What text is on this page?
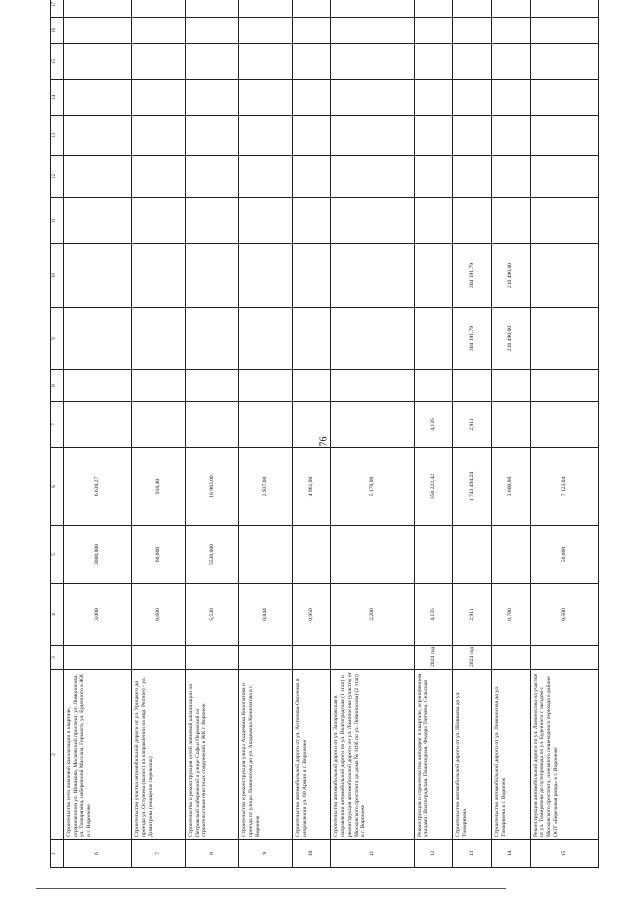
76
1	2	3	4	5	6	7	8	9	10	11	12	13	14	15	16	17
6	Строительство сети ливневой канализации в квартале, ограниченном ул. Шишкова, Московский проспект, ул. Ломоносова, ул. Тимирязева, набережной Массана, Горького, ул. Буденного в ЖК и г. Воронеже		3,000	3000,000	6 639,27											
7	Строительство участка автомобильной дороги от ул. Урицкого до проезда ул. Остужева (вынос) на направлении на мкр. Репное) - ул. Димитрова (очищение перевозок)		0,600	60,000	918,40											
8	Строительство и реконструкция сетей ливневой канализации по Петровской набережной и улице Софьи Перовской со строительством очистных сооружений в ЖК г. Воронеж		5,530	5530,000	16 983,00											
9	Строительство и реконструкция улицы Академика Конопатова и проезда от улицы Ломоносова до ул. Академика Конопатова в г. Воронеж		0,844		2 937,00											
10	Строительство автомобильной дороги от ул. Антонова-Овсеенко в направлении ул. 60 Армии в г. Воронеже		0,950		4 961,00											
11	Строительство автомобильной дороги от ул. Запорожская в направлении автомобильной дороги по ул. Волгоградская (1 этап) и реконструкция автомобильной дороги по ул. Ломоносова (участок от Московского проспекта до дома № 116б по ул. Ломоносова) (2 этап) в г. Воронеже		2,200		5 170,00											
12	Реконструкция и строительство автодорог в квартале, ограниченном улицами: Волгоградская, Пешеходная, Федора Тютчева, Сельская	2024 год	4,135		350 222,42	4,135										
13	Строительство автомобильной дороги от ул. Шишкова до ул. Тимирязева	2024 год	2,911		1 743 494,24	2,911		304 191,79	304 191,79							
14	Строительство автомобильной дороги от ул. Ломоносова до ул. Тимирязева в г. Воронеж		0,780		3 600,00			210 490,00	210 490,00							
15	Реконструкция автомобильной дороги по ул. Ломоносова на участке от ул. Тимирязева до путепровода по ул. Буденного с заездом с Московского проспекта, наземного пешеходного перехода в районе ООТ «Березовая роща» в г. Воронеже		0,500	50,000	7 123,04											
